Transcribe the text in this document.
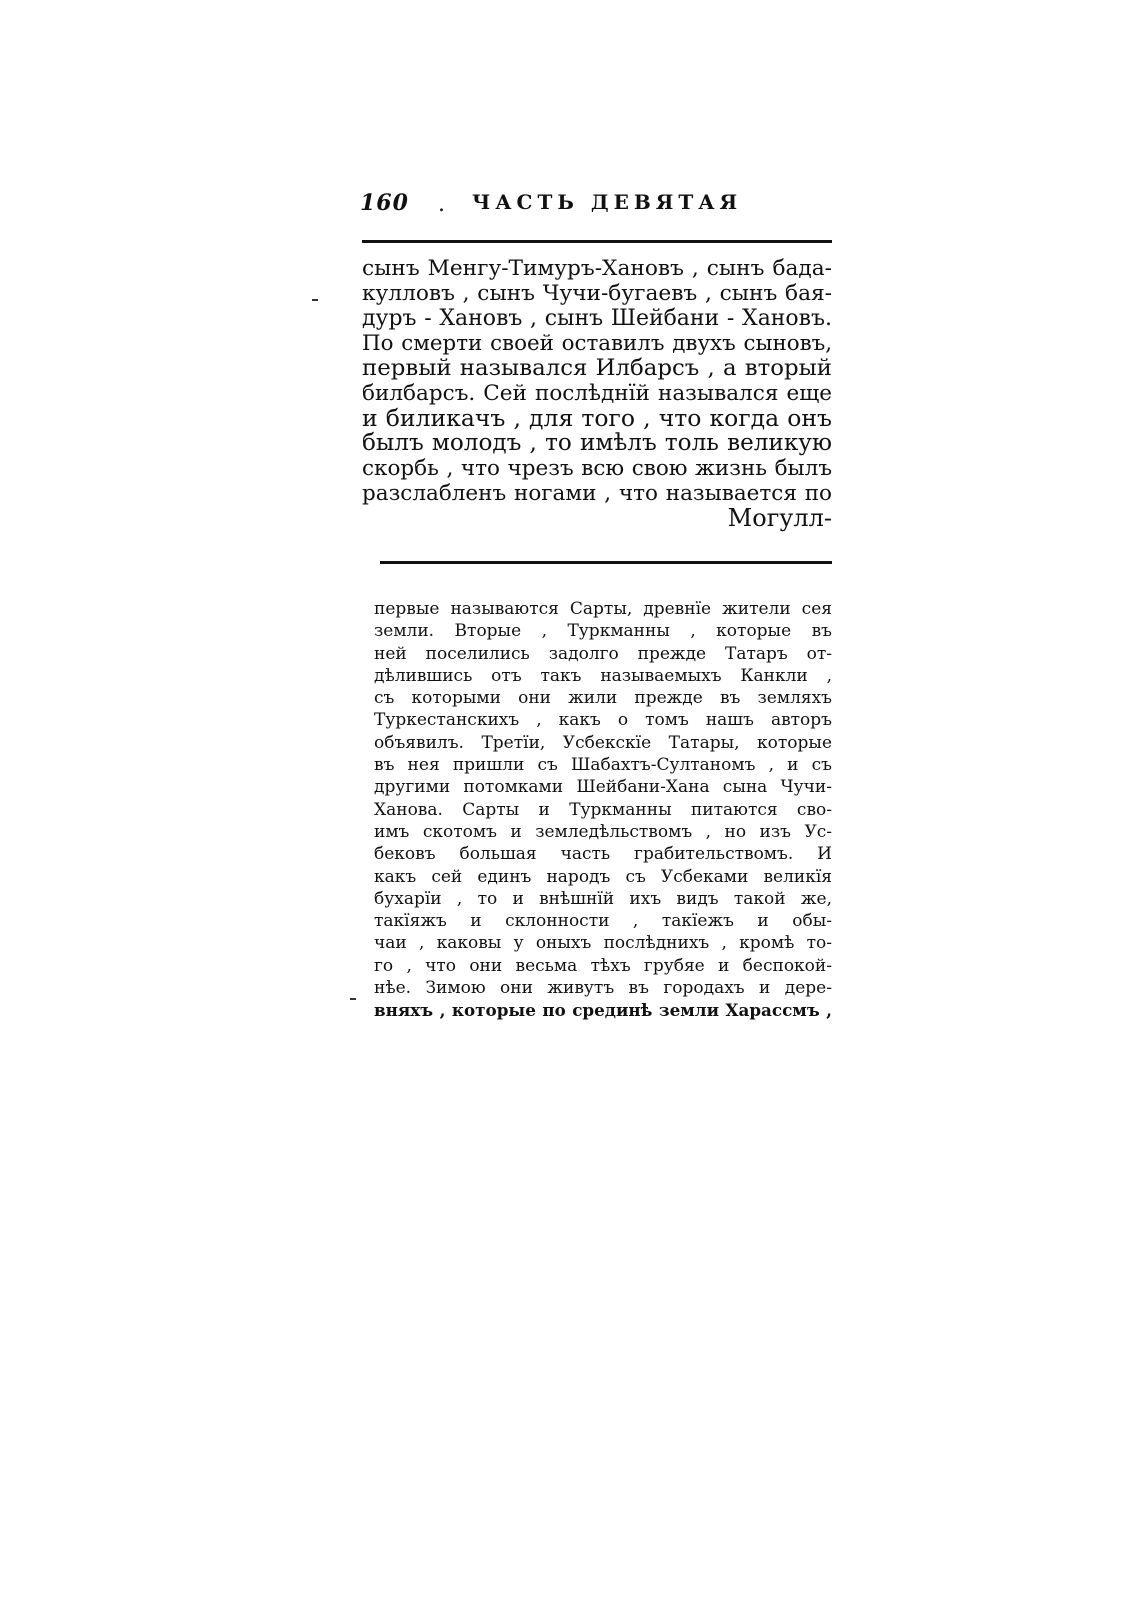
160 . ЧАСТЬ ДЕВЯТАЯ
сынъ Менгу-Тимуръ-Хановъ , сынъ бада-
кулловъ , сынъ Чучи-бугаевъ , сынъ бая-
дуръ - Хановъ , сынъ Шейбани - Хановъ.
По смерти своей оставилъ двухъ сыновъ,
первый назывался Илбарсъ , а вторый
билбарсъ. Сей послѣднїй назывался еще
и биликачъ , для того , что когда онъ
былъ молодъ , то имѣлъ толь великую
скорбь , что чрезъ всю свою жизнь былъ
разслабленъ ногами , что называется по
Могулл-
первые называются Сарты, древнїе жители сея
земли. Вторые , Туркманны , которые въ
ней поселились задолго прежде Татаръ от-
дѣлившись отъ такъ называемыхъ Канкли ,
съ которыми они жили прежде въ земляхъ
Туркестанскихъ , какъ о томъ нашъ авторъ
объявилъ. Третїи, Усбекскїе Татары, которые
въ нея пришли съ Шабахтъ-Султаномъ , и съ
другими потомками Шейбани-Хана сына Чучи-
Ханова. Сарты и Туркманны питаются сво-
имъ скотомъ и земледѣльствомъ , но изъ Ус-
бековъ большая часть грабительствомъ. И
какъ сей единъ народъ съ Усбеками великїя
бухарїи , то и внѣшнїй ихъ видъ такой же,
такїяжъ и склонности , такїежъ и обы-
чаи , каковы у оныхъ послѣднихъ , кромѣ то-
го , что они весьма тѣхъ грубяе и беспокой-
нѣе. Зимою они живутъ въ городахъ и дере-
вняхъ , которые по срединѣ земли Харассмъ ,
